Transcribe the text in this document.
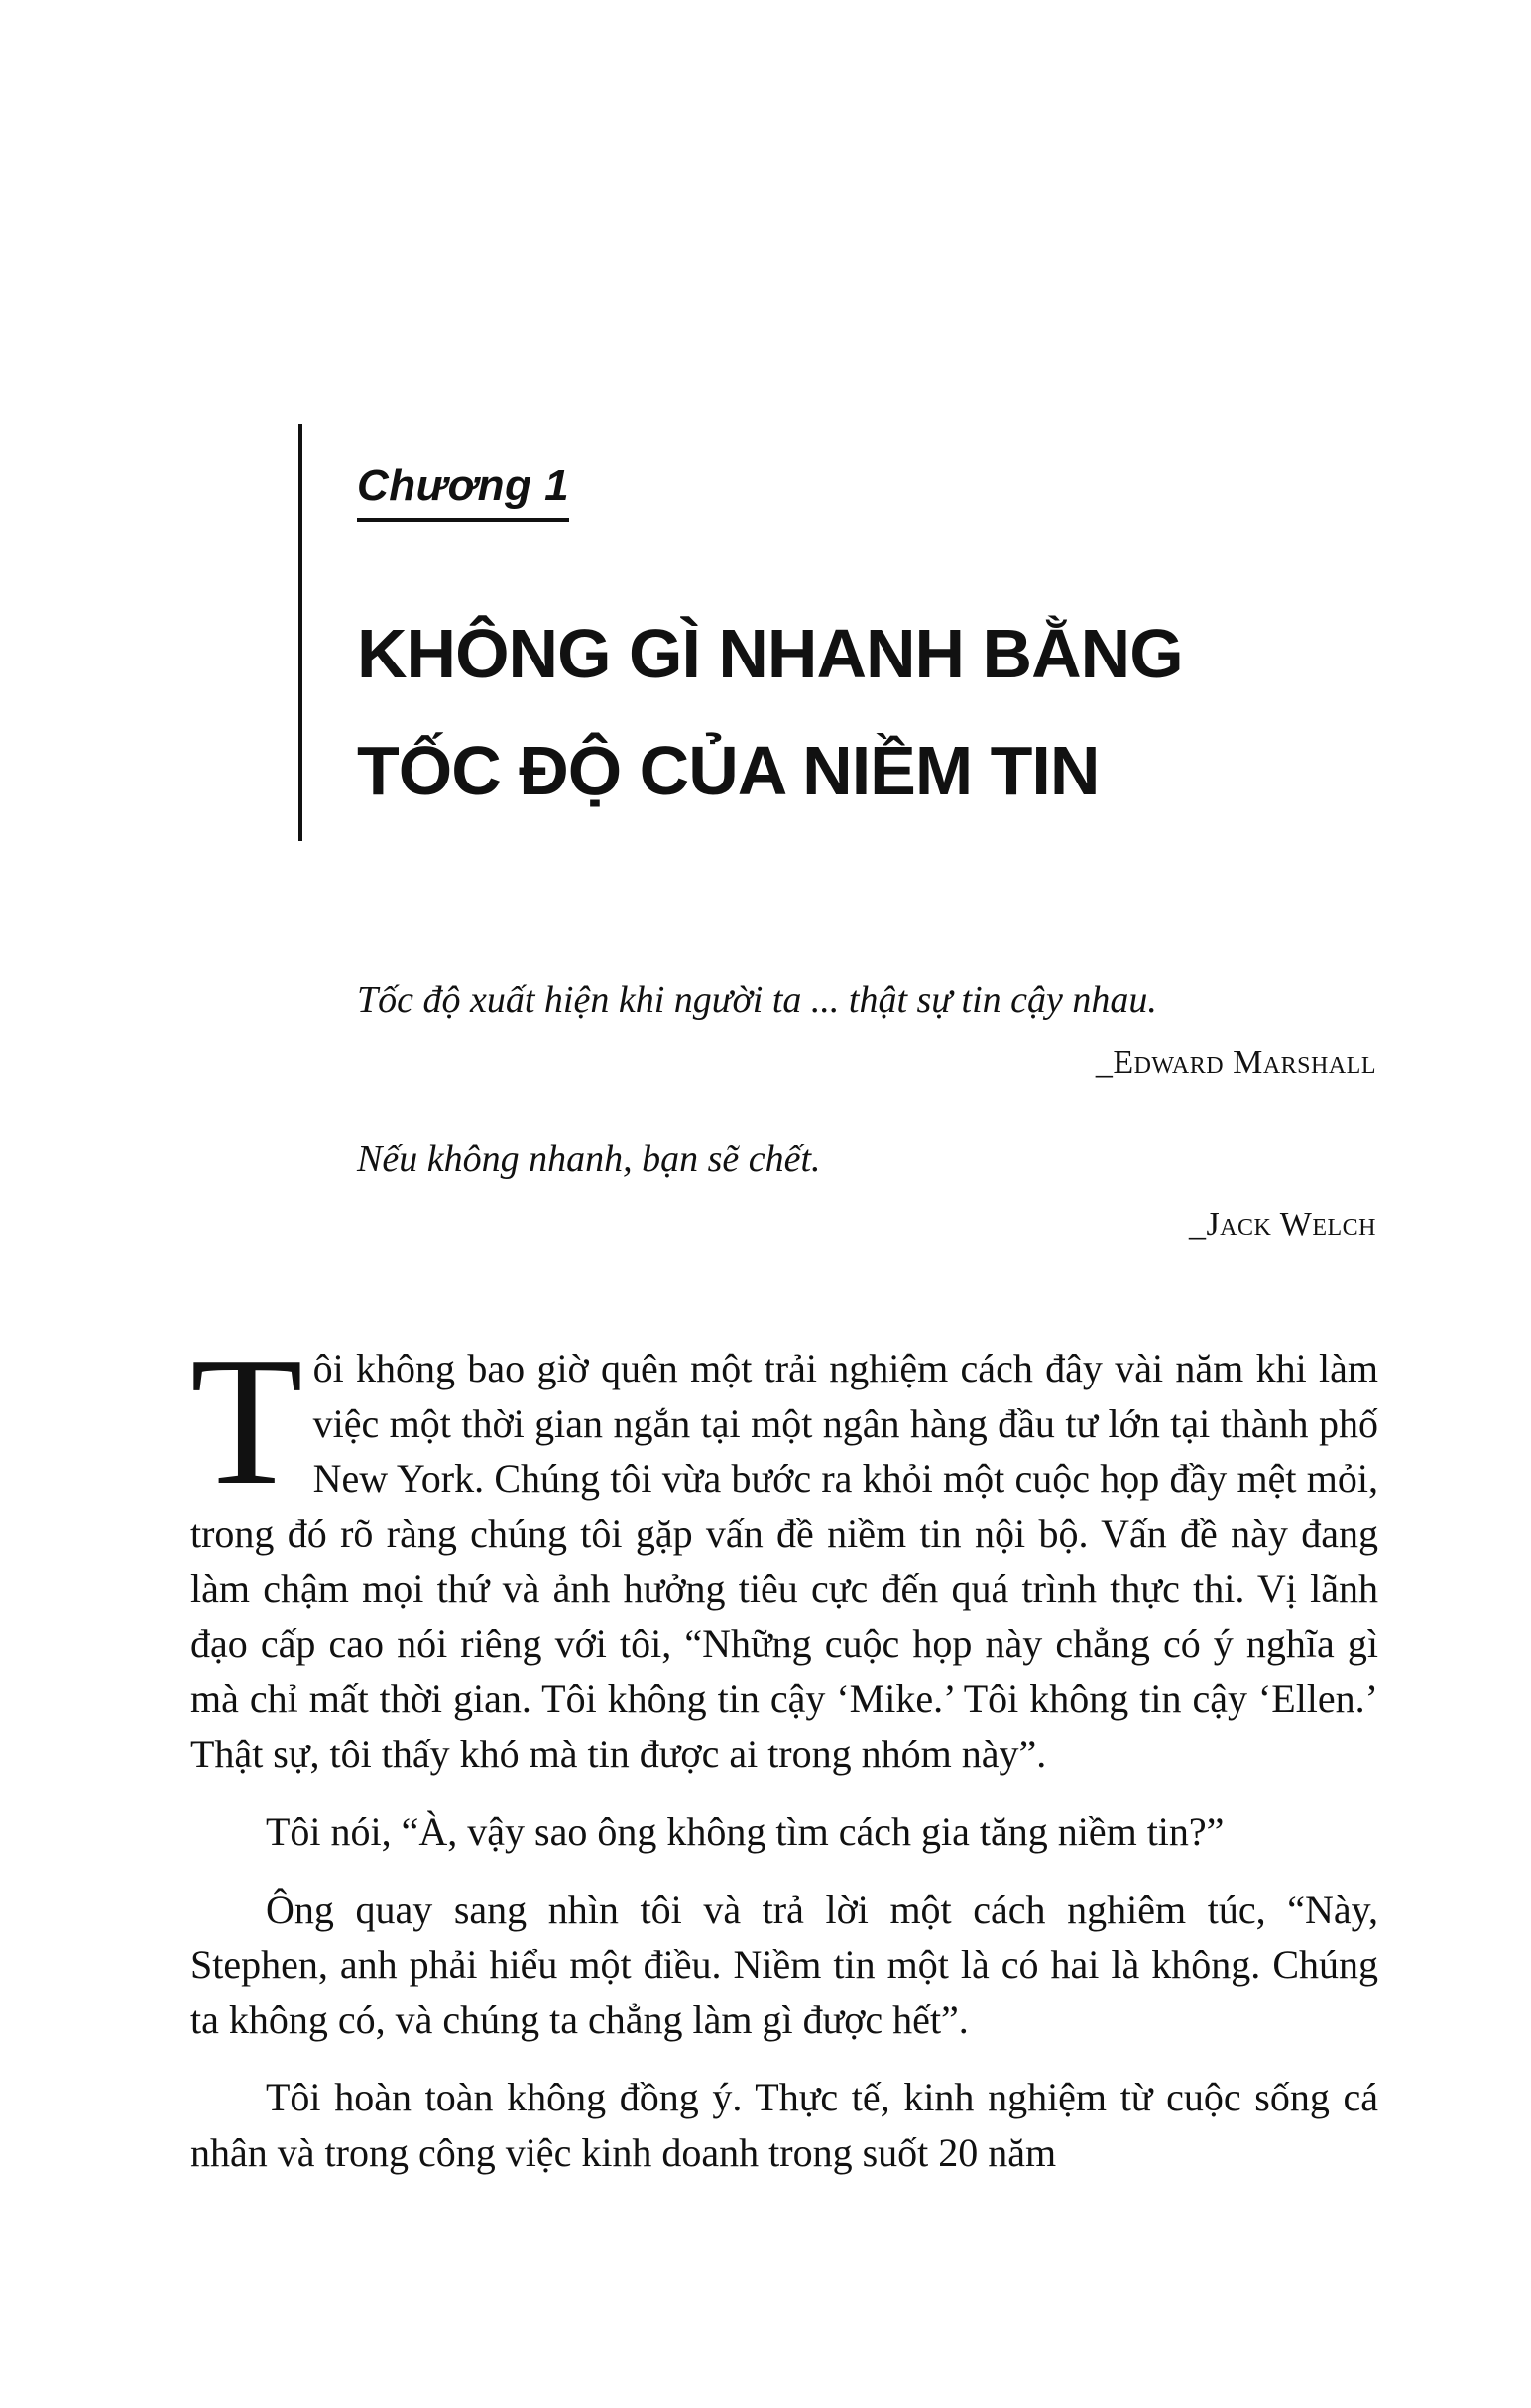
Chương 1
KHÔNG GÌ NHANH BẰNG
TỐC ĐỘ CỦA NIỀM TIN
Tốc độ xuất hiện khi người ta ... thật sự tin cậy nhau.
_Edward Marshall
Nếu không nhanh, bạn sẽ chết.
_Jack Welch

Tôi không bao giờ quên một trải nghiệm cách đây vài năm khi làm việc một thời gian ngắn tại một ngân hàng đầu tư lớn tại thành phố New York. Chúng tôi vừa bước ra khỏi một cuộc họp đầy mệt mỏi, trong đó rõ ràng chúng tôi gặp vấn đề niềm tin nội bộ. Vấn đề này đang làm chậm mọi thứ và ảnh hưởng tiêu cực đến quá trình thực thi. Vị lãnh đạo cấp cao nói riêng với tôi, “Những cuộc họp này chẳng có ý nghĩa gì mà chỉ mất thời gian. Tôi không tin cậy ‘Mike.’ Tôi không tin cậy ‘Ellen.’ Thật sự, tôi thấy khó mà tin được ai trong nhóm này”.

Tôi nói, “À, vậy sao ông không tìm cách gia tăng niềm tin?”

Ông quay sang nhìn tôi và trả lời một cách nghiêm túc, “Này, Stephen, anh phải hiểu một điều. Niềm tin một là có hai là không. Chúng ta không có, và chúng ta chẳng làm gì được hết”.

Tôi hoàn toàn không đồng ý. Thực tế, kinh nghiệm từ cuộc sống cá nhân và trong công việc kinh doanh trong suốt 20 năm
